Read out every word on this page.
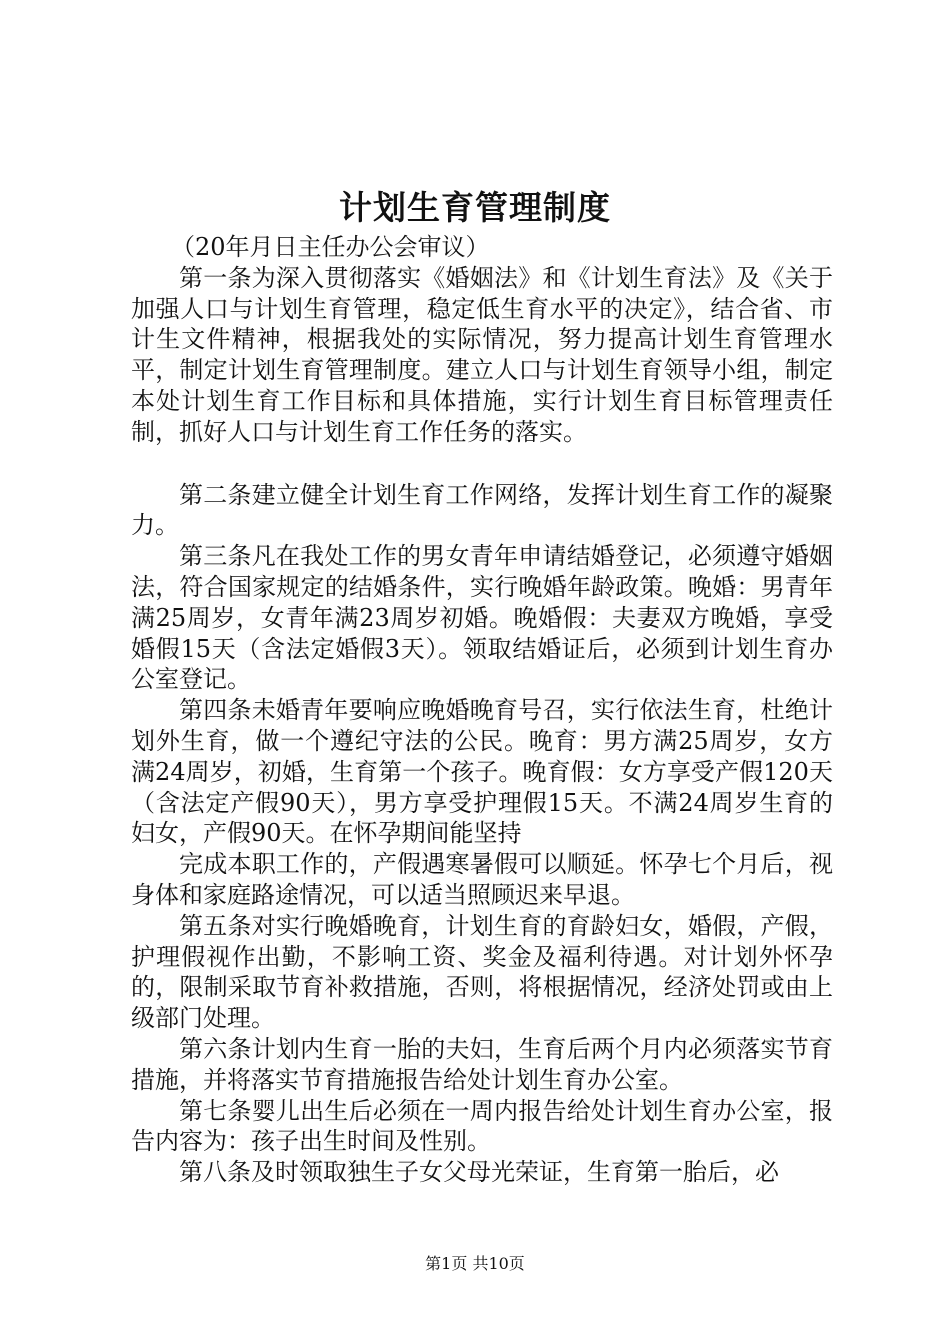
计划生育管理制度

（20年月日主任办公会审议）

第一条为深入贯彻落实《婚姻法》和《计划生育法》及《关于加强人口与计划生育管理，稳定低生育水平的决定》，结合省、市计生文件精神，根据我处的实际情况，努力提高计划生育管理水平，制定计划生育管理制度。建立人口与计划生育领导小组，制定本处计划生育工作目标和具体措施，实行计划生育目标管理责任制，抓好人口与计划生育工作任务的落实。

第二条建立健全计划生育工作网络，发挥计划生育工作的凝聚力。

第三条凡在我处工作的男女青年申请结婚登记，必须遵守婚姻法，符合国家规定的结婚条件，实行晚婚年龄政策。晚婚：男青年满25周岁，女青年满23周岁初婚。晚婚假：夫妻双方晚婚，享受婚假15天（含法定婚假3天）。领取结婚证后，必须到计划生育办公室登记。

第四条未婚青年要响应晚婚晚育号召，实行依法生育，杜绝计划外生育，做一个遵纪守法的公民。晚育：男方满25周岁，女方满24周岁，初婚，生育第一个孩子。晚育假：女方享受产假120天（含法定产假90天），男方享受护理假15天。不满24周岁生育的妇女，产假90天。在怀孕期间能坚持

完成本职工作的，产假遇寒暑假可以顺延。怀孕七个月后，视身体和家庭路途情况，可以适当照顾迟来早退。

第五条对实行晚婚晚育，计划生育的育龄妇女，婚假，产假，护理假视作出勤，不影响工资、奖金及福利待遇。对计划外怀孕的，限制采取节育补救措施，否则，将根据情况，经济处罚或由上级部门处理。

第六条计划内生育一胎的夫妇，生育后两个月内必须落实节育措施，并将落实节育措施报告给处计划生育办公室。

第七条婴儿出生后必须在一周内报告给处计划生育办公室，报告内容为：孩子出生时间及性别。

第八条及时领取独生子女父母光荣证，生育第一胎后，必

第1页 共10页
